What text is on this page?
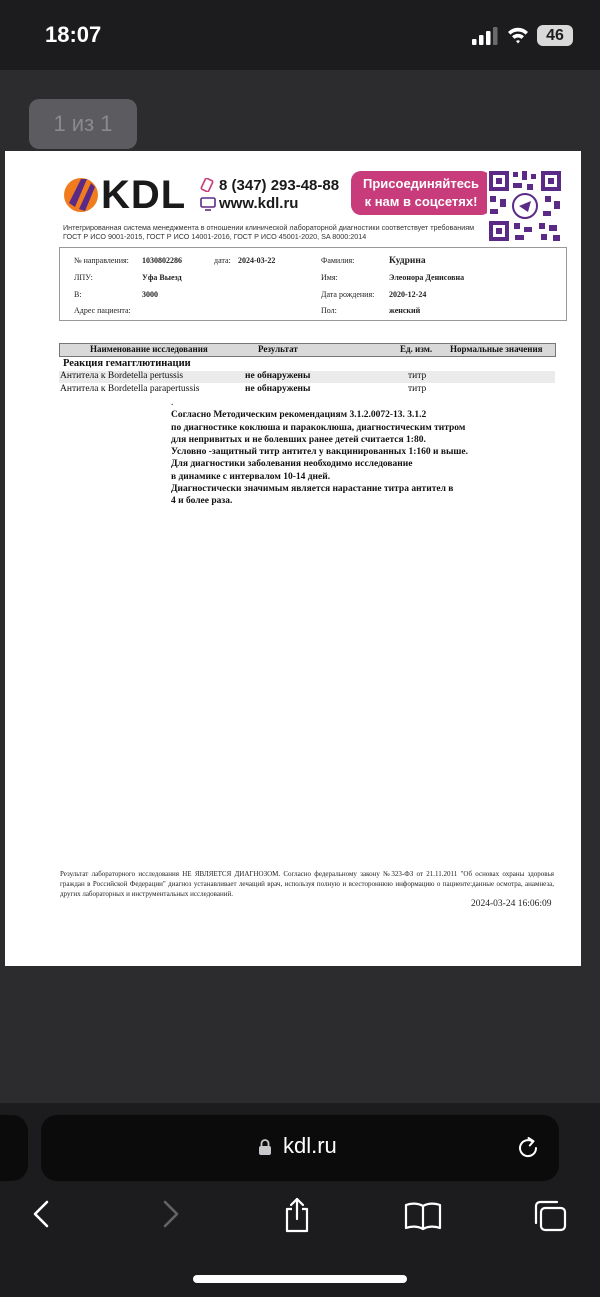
18:07	46
1 из 1
KDL 8 (347) 293-48-88
www.kdl.ru
Присоединяйтесь
к нам в соцсетях!
Интегрированная система менеджмента в отношении клинической лабораторной диагностики соответствует требованиям
ГОСТ Р ИСО 9001-2015, ГОСТ Р ИСО 14001-2016, ГОСТ Р ИСО 45001-2020, SA 8000:2014
№ направления: 1030802286	дата: 2024-03-22	Фамилия:	Кудрина
ЛПУ:	Уфа Выезд	Имя:	Элеонора Денисовна
В:	3000	Дата рождения: 2020-12-24
Адрес пациента:	Пол:	женский
Наименование исследования	Результат	Ед. изм. Нормальные значения
Реакция гемагглютинации
Антитела к Bordetella pertussis	не обнаружены	титр
Антитела к Bordetella parapertussis	не обнаружены	титр
.
Согласно Методическим рекомендациям 3.1.2.0072-13. 3.1.2
по диагностике коклюша и паракоклюша, диагностическим титром
для непривитых и не болевших ранее детей считается 1:80.
Условно -защитный титр антител у вакцинированных 1:160 и выше.
Для диагностики заболевания необходимо исследование
в динамике с интервалом 10-14 дней.
Диагностически значимым является нарастание титра антител в
4 и более раза.
Результат лабораторного исследования НЕ ЯВЛЯЕТСЯ ДИАГНОЗОМ. Согласно федеральному закону №323-ФЗ от 21.11.2011 "Об основах охраны здоровья граждан в Российской Федерации" диагноз устанавливает лечащий врач, используя полную и всестороннюю информацию о пациенте:данные осмотра, анамнеза, других лабораторных и инструментальных исследований.
2024-03-24 16:06:09
kdl.ru
